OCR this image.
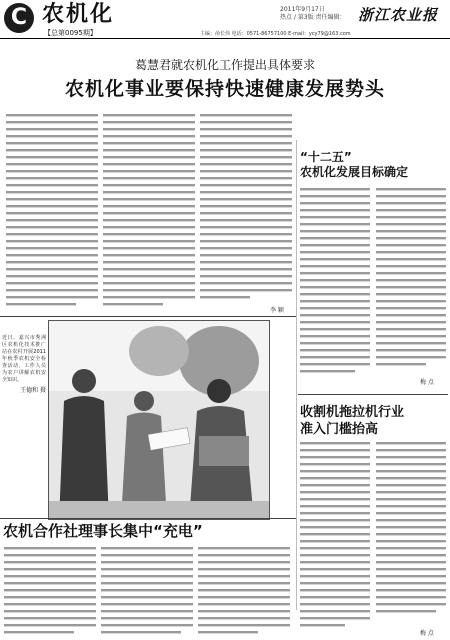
C 农机化
【总第0095期】
2011年9月17日
热点 / 第3版 责任编辑： 浙江农业报
主编：俞长伟 电话：0571-86757100 E-mail：ycy79@163.com
葛慧君就农机化工作提出具体要求
农机化事业要保持快速健康发展势头
李 颖
“十二五”
农机化发展目标确定
梅 点
收割机拖拉机行业
准入门槛抬高
梅 点
近日，嘉兴市秀洲区农机化技术推广站在农村开展2011年秋季农机安全检查活动，工作人员为农户讲解农机安全知识。
王德和 摄
农机合作社理事长集中“充电”
